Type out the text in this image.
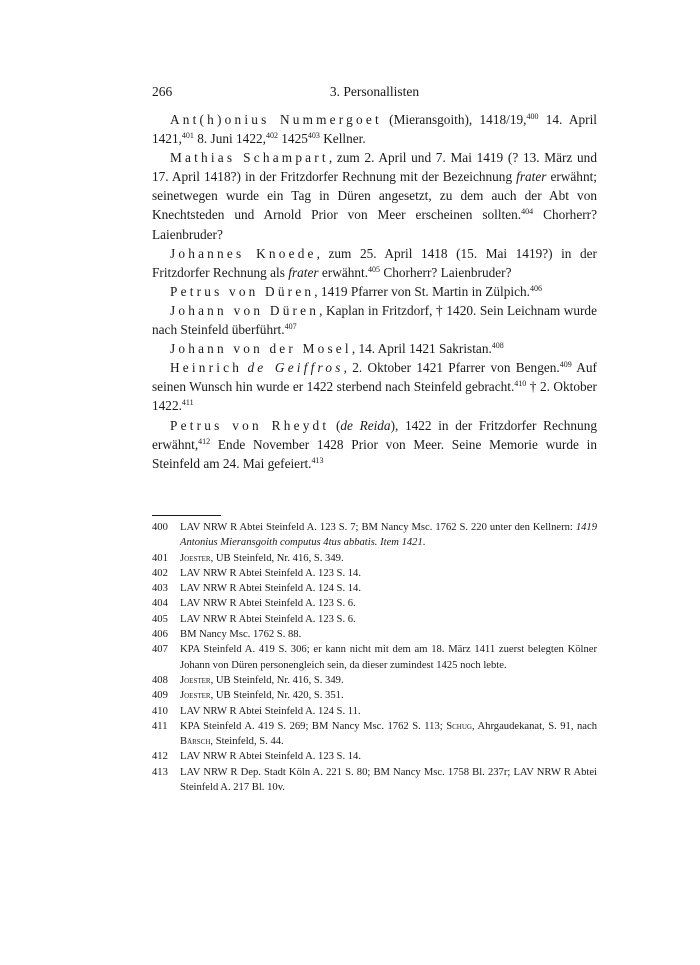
266	3. Personallisten

Ant(h)onius Nummergoet (Mieransgoith), 1418/19,$^{400}$ 14. April 1421,$^{401}$ 8. Juni 1422,$^{402}$ 1425$^{403}$ Kellner.

Mathias Schampart, zum 2. April und 7. Mai 1419 (? 13. März und 17. April 1418?) in der Fritzdorfer Rechnung mit der Bezeichnung frater erwähnt; seinetwegen wurde ein Tag in Düren angesetzt, zu dem auch der Abt von Knechtsteden und Arnold Prior von Meer erscheinen sollten.$^{404}$ Chorherr? Laienbruder?

Johannes Knoede, zum 25. April 1418 (15. Mai 1419?) in der Fritzdorfer Rechnung als frater erwähnt.$^{405}$ Chorherr? Laienbruder?

Petrus von Düren, 1419 Pfarrer von St. Martin in Zülpich.$^{406}$

Johann von Düren, Kaplan in Fritzdorf, † 1420. Sein Leichnam wurde nach Steinfeld überführt.$^{407}$

Johann von der Mosel, 14. April 1421 Sakristan.$^{408}$

Heinrich de Geiffros, 2. Oktober 1421 Pfarrer von Bengen.$^{409}$ Auf seinen Wunsch hin wurde er 1422 sterbend nach Steinfeld gebracht.$^{410}$ † 2. Oktober 1422.$^{411}$

Petrus von Rheydt (de Reida), 1422 in der Fritzdorfer Rechnung erwähnt,$^{412}$ Ende November 1428 Prior von Meer. Seine Memorie wurde in Steinfeld am 24. Mai gefeiert.$^{413}$

400	LAV NRW R Abtei Steinfeld A. 123 S. 7; BM Nancy Msc. 1762 S. 220 unter den Kellnern: 1419 Antonius Mieransgoith computus 4tus abbatis. Item 1421.
401	Joester, UB Steinfeld, Nr. 416, S. 349.
402	LAV NRW R Abtei Steinfeld A. 123 S. 14.
403	LAV NRW R Abtei Steinfeld A. 124 S. 14.
404	LAV NRW R Abtei Steinfeld A. 123 S. 6.
405	LAV NRW R Abtei Steinfeld A. 123 S. 6.
406	BM Nancy Msc. 1762 S. 88.
407	KPA Steinfeld A. 419 S. 306; er kann nicht mit dem am 18. März 1411 zuerst belegten Kölner Johann von Düren personengleich sein, da dieser zumindest 1425 noch lebte.
408	Joester, UB Steinfeld, Nr. 416, S. 349.
409	Joester, UB Steinfeld, Nr. 420, S. 351.
410	LAV NRW R Abtei Steinfeld A. 124 S. 11.
411	KPA Steinfeld A. 419 S. 269; BM Nancy Msc. 1762 S. 113; Schug, Ahrgaudekanat, S. 91, nach Bärsch, Steinfeld, S. 44.
412	LAV NRW R Abtei Steinfeld A. 123 S. 14.
413	LAV NRW R Dep. Stadt Köln A. 221 S. 80; BM Nancy Msc. 1758 Bl. 237r; LAV NRW R Abtei Steinfeld A. 217 Bl. 10v.
